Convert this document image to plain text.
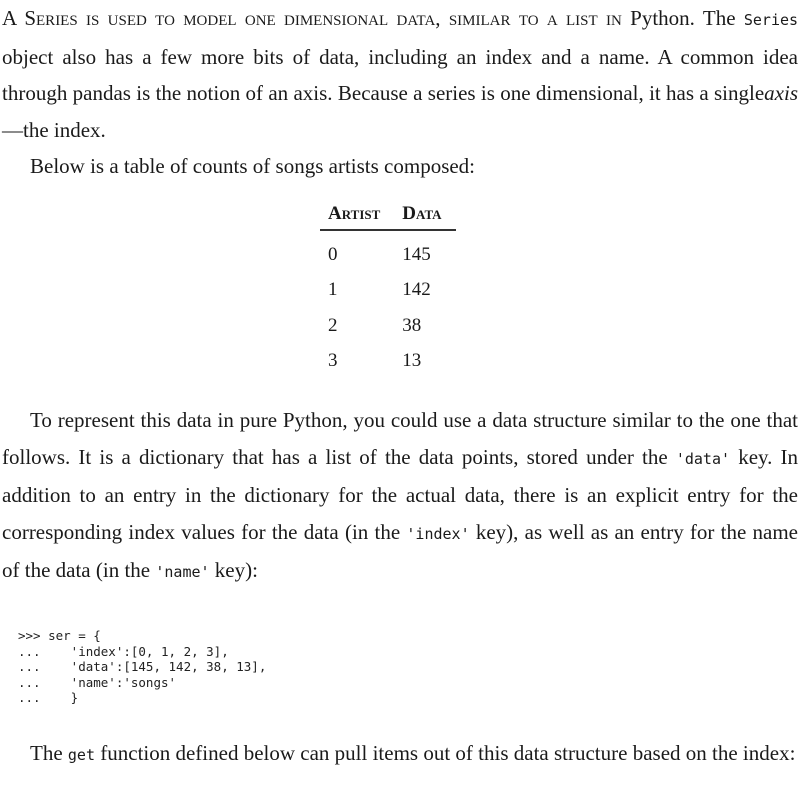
A Series is used to model one dimensional data, similar to a list in Python. The Series object also has a few more bits of data, including an index and a name. A common idea through pandas is the notion of an axis. Because a series is one dimensional, it has a singleaxis—the index.

Below is a table of counts of songs artists composed:

Artist	Data
0	145
1	142
2	38
3	13

To represent this data in pure Python, you could use a data structure similar to the one that follows. It is a dictionary that has a list of the data points, stored under the 'data' key. In addition to an entry in the dictionary for the actual data, there is an explicit entry for the corresponding index values for the data (in the 'index' key), as well as an entry for the name of the data (in the 'name' key):

>>> ser = {
...    'index':[0, 1, 2, 3],
...    'data':[145, 142, 38, 13],
...    'name':'songs'
...    }

The get function defined below can pull items out of this data structure based on the index:
